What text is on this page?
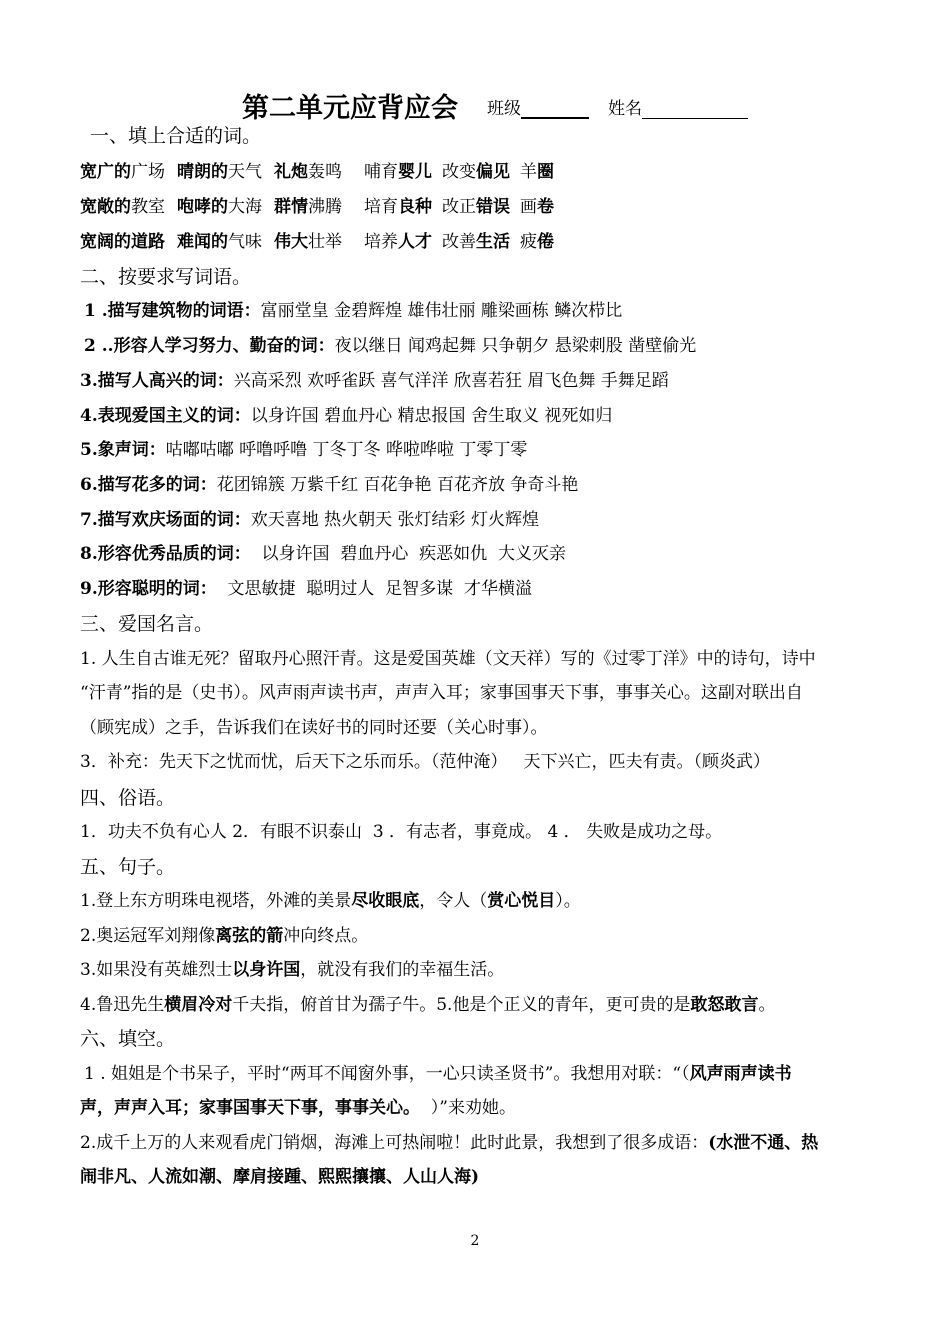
第二单元应背应会 班级	姓名
一、填上合适的词。
宽广的广场 晴朗的天气 礼炮轰鸣 哺育婴儿 改变偏见 羊圈
宽敞的教室 咆哮的大海 群情沸腾 培育良种 改正错误 画卷
宽阔的道路 难闻的气味 伟大壮举 培养人才 改善生活 疲倦
二、按要求写词语。
1 .描写建筑物的词语：富丽堂皇 金碧辉煌 雄伟壮丽 雕梁画栋 鳞次栉比
2 ..形容人学习努力、勤奋的词：夜以继日 闻鸡起舞 只争朝夕 悬梁刺股 凿壁偷光
3.描写人高兴的词：兴高采烈 欢呼雀跃 喜气洋洋 欣喜若狂 眉飞色舞 手舞足蹈
4.表现爱国主义的词：以身许国 碧血丹心 精忠报国 舍生取义 视死如归
5.象声词：咕嘟咕嘟 呼噜呼噜 丁冬丁冬 哗啦哗啦 丁零丁零
6.描写花多的词：花团锦簇 万紫千红 百花争艳 百花齐放 争奇斗艳
7.描写欢庆场面的词：欢天喜地 热火朝天 张灯结彩 灯火辉煌
8.形容优秀品质的词：  以身许国  碧血丹心  疾恶如仇  大义灭亲
9.形容聪明的词：  文思敏捷  聪明过人  足智多谋  才华横溢
三、爱国名言。
1. 人生自古谁无死？留取丹心照汗青。这是爱国英雄（文天祥）写的《过零丁洋》中的诗句，诗中
“汗青”指的是（史书）。风声雨声读书声，声声入耳；家事国事天下事，事事关心。这副对联出自
（顾宪成）之手，告诉我们在读好书的同时还要（关心时事）。
3．补充：先天下之忧而忧，后天下之乐而乐。（范仲淹）   天下兴亡，匹夫有责。（顾炎武）
四、俗语。
1．功夫不负有心人 2．有眼不识泰山  3 ．有志者，事竟成。 4 ． 失败是成功之母。
五、句子。
1.登上东方明珠电视塔，外滩的美景尽收眼底，令人（赏心悦目）。
2.奥运冠军刘翔像离弦的箭冲向终点。
3.如果没有英雄烈士以身许国，就没有我们的幸福生活。
4.鲁迅先生横眉冷对千夫指，俯首甘为孺子牛。5.他是个正义的青年，更可贵的是敢怒敢言。
六、填空。
1 . 姐姐是个书呆子，平时“两耳不闻窗外事，一心只读圣贤书”。我想用对联：“（风声雨声读书
声，声声入耳；家事国事天下事，事事关心。  ）”来劝她。
2.成千上万的人来观看虎门销烟，海滩上可热闹啦！此时此景，我想到了很多成语：(水泄不通、热
闹非凡、人流如潮、摩肩接踵、熙熙攘攘、人山人海)
2
